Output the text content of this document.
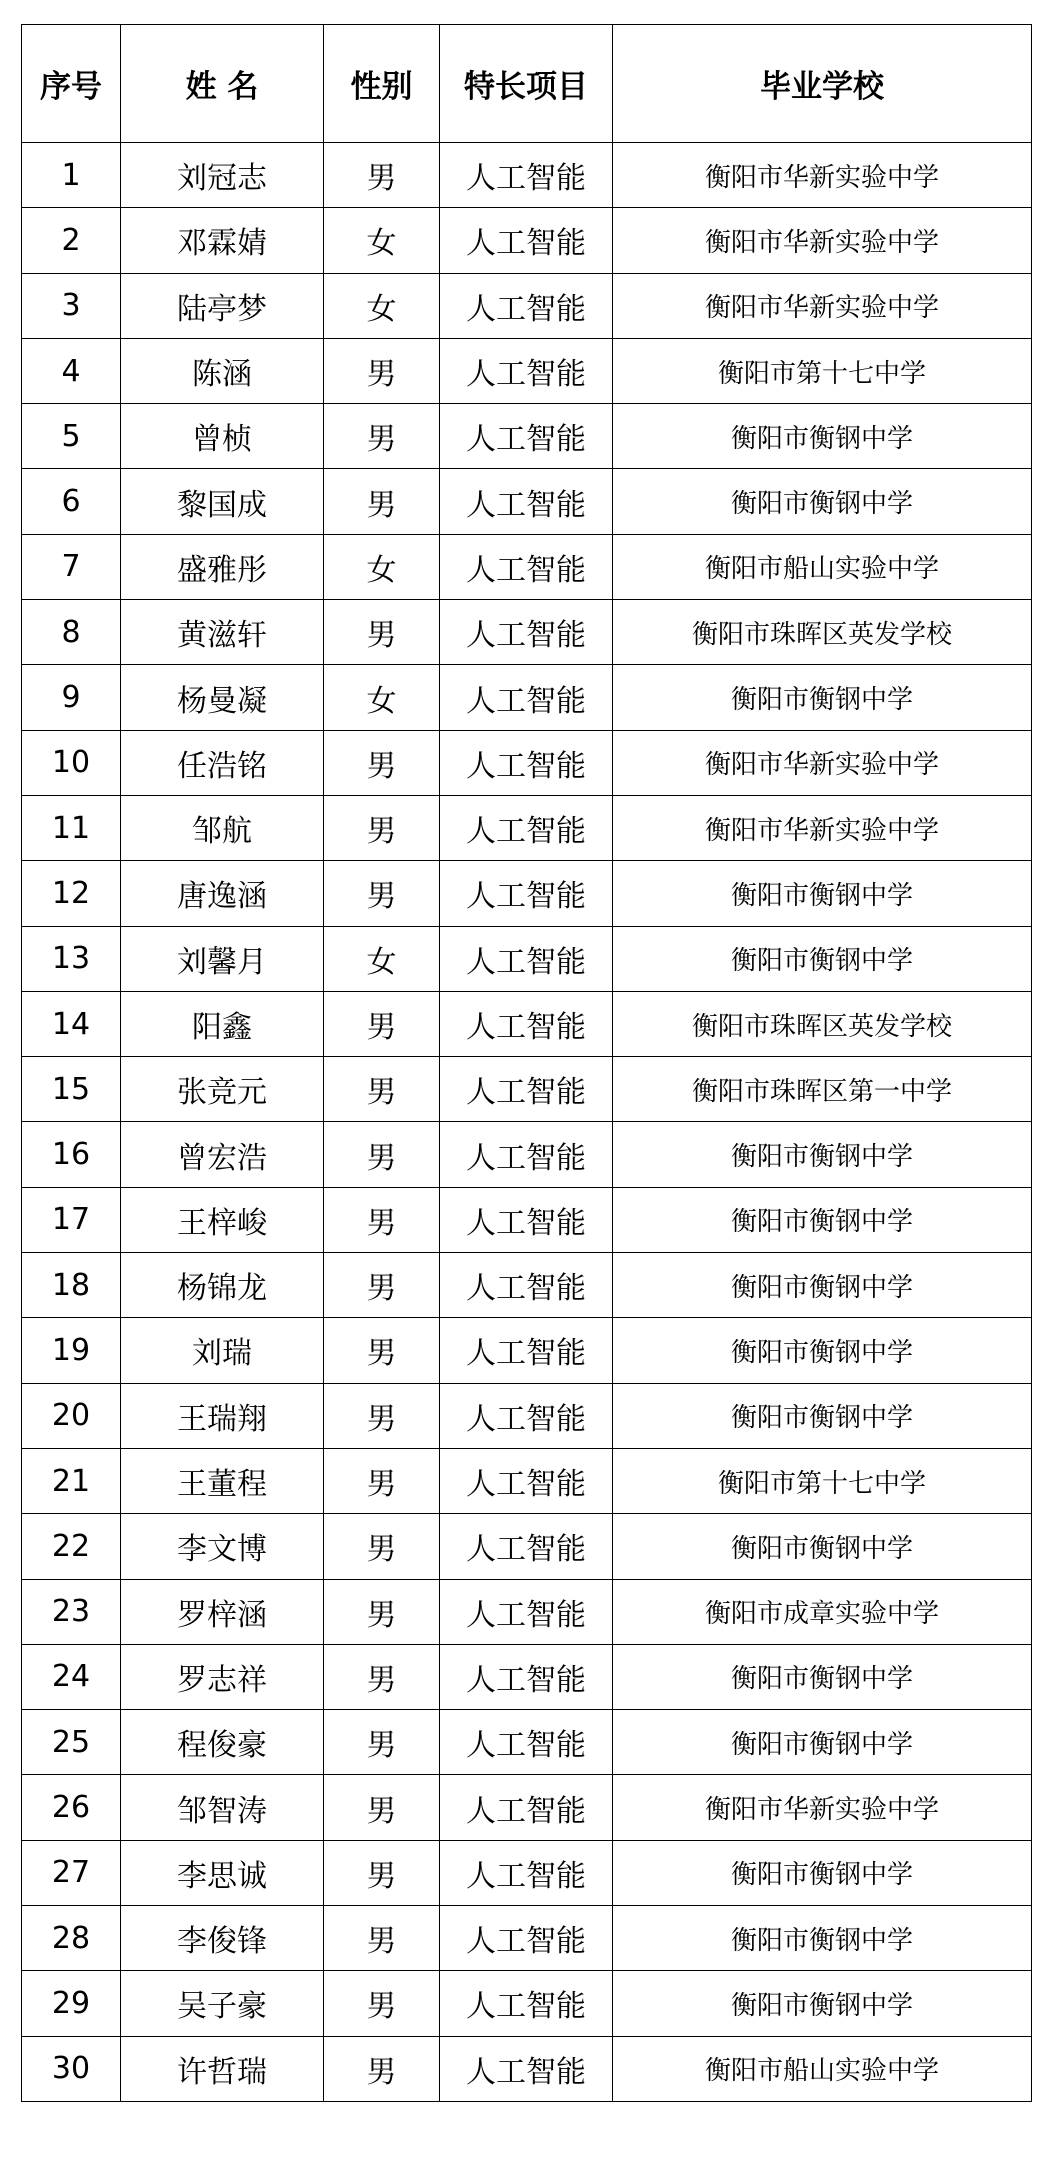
序号	姓 名	性别	特长项目	毕业学校
1	刘冠志	男	人工智能	衡阳市华新实验中学
2	邓霖婧	女	人工智能	衡阳市华新实验中学
3	陆亭梦	女	人工智能	衡阳市华新实验中学
4	陈涵	男	人工智能	衡阳市第十七中学
5	曾桢	男	人工智能	衡阳市衡钢中学
6	黎国成	男	人工智能	衡阳市衡钢中学
7	盛雅彤	女	人工智能	衡阳市船山实验中学
8	黄滋轩	男	人工智能	衡阳市珠晖区英发学校
9	杨曼凝	女	人工智能	衡阳市衡钢中学
10	任浩铭	男	人工智能	衡阳市华新实验中学
11	邹航	男	人工智能	衡阳市华新实验中学
12	唐逸涵	男	人工智能	衡阳市衡钢中学
13	刘馨月	女	人工智能	衡阳市衡钢中学
14	阳鑫	男	人工智能	衡阳市珠晖区英发学校
15	张竞元	男	人工智能	衡阳市珠晖区第一中学
16	曾宏浩	男	人工智能	衡阳市衡钢中学
17	王梓峻	男	人工智能	衡阳市衡钢中学
18	杨锦龙	男	人工智能	衡阳市衡钢中学
19	刘瑞	男	人工智能	衡阳市衡钢中学
20	王瑞翔	男	人工智能	衡阳市衡钢中学
21	王董程	男	人工智能	衡阳市第十七中学
22	李文博	男	人工智能	衡阳市衡钢中学
23	罗梓涵	男	人工智能	衡阳市成章实验中学
24	罗志祥	男	人工智能	衡阳市衡钢中学
25	程俊豪	男	人工智能	衡阳市衡钢中学
26	邹智涛	男	人工智能	衡阳市华新实验中学
27	李思诚	男	人工智能	衡阳市衡钢中学
28	李俊锋	男	人工智能	衡阳市衡钢中学
29	吴子豪	男	人工智能	衡阳市衡钢中学
30	许哲瑞	男	人工智能	衡阳市船山实验中学
